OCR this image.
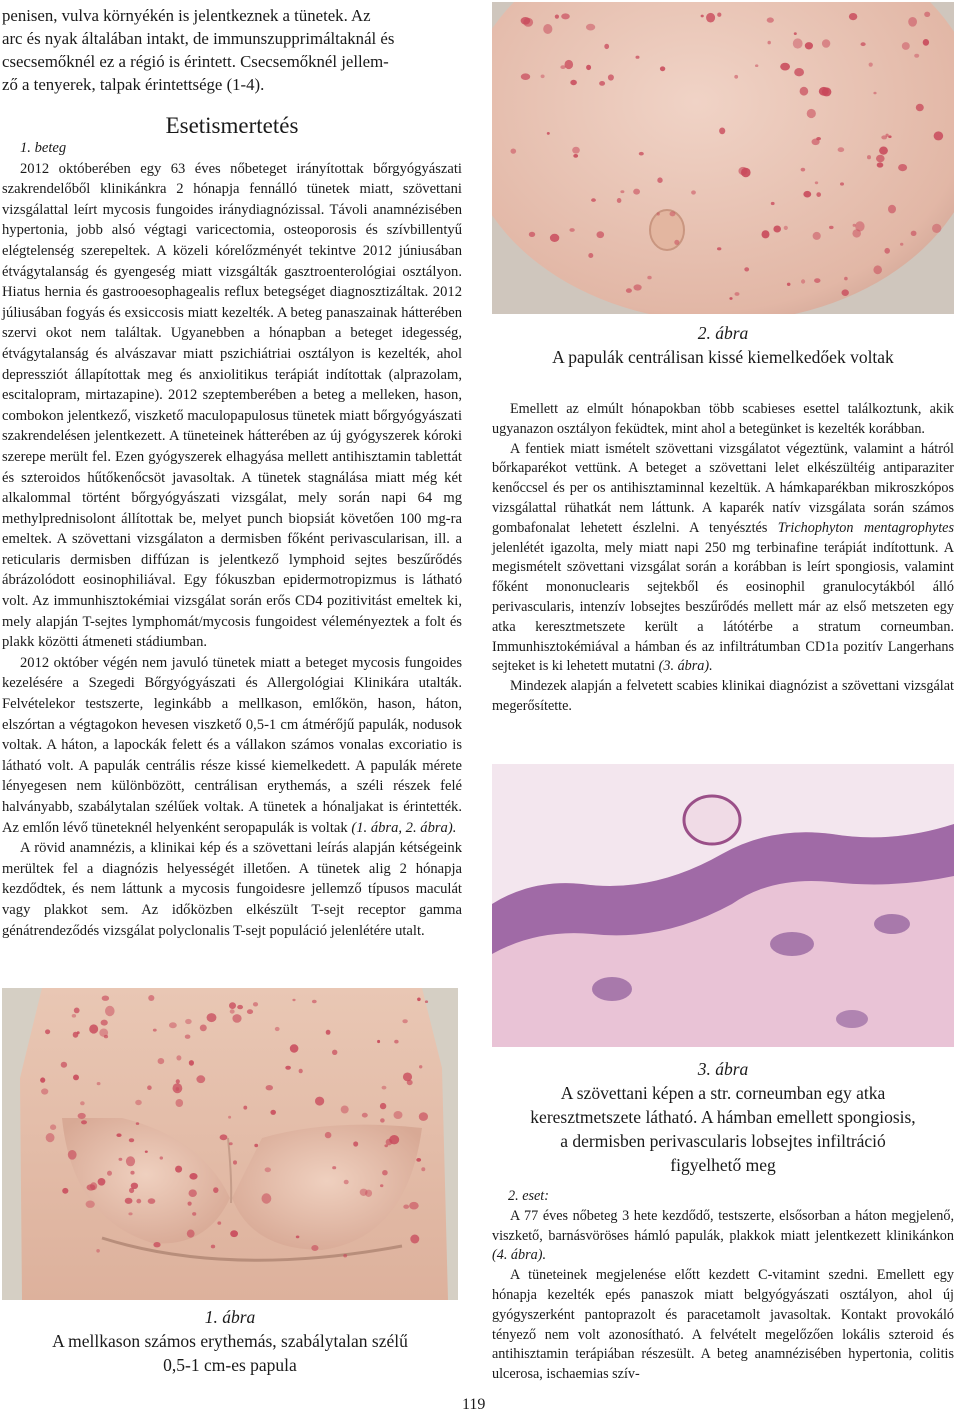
penisen, vulva környékén is jelentkeznek a tünetek. Az
arc és nyak általában intakt, de immunszupprimáltaknál és
csecsemőknél ez a régió is érintett. Csecsemőknél jellem-
ző a tenyerek, talpak érintettsége (1-4).
Esetismertetés

1. beteg

2012 októberében egy 63 éves nőbeteget irányítottak bőrgyógyászati szakrendelőből klinikánkra 2 hónapja fennálló tünetek miatt, szövettani vizsgálattal leírt mycosis fungoides iránydiagnózissal. Távoli anamnézisében hypertonia, jobb alsó végtagi varicectomia, osteoporosis és szívbillentyű elégtelenség szerepeltek. A közeli kórelőzményét tekintve 2012 júniusában étvágytalanság és gyengeség miatt vizsgálták gasztroenterológiai osztályon. Hiatus hernia és gastrooesophagealis reflux betegséget diagnosztizáltak. 2012 júliusában fogyás és exsiccosis miatt kezelték. A beteg panaszainak hátterében szervi okot nem találtak. Ugyanebben a hónapban a beteget idegesség, étvágytalanság és alvászavar miatt pszichiátriai osztályon is kezelték, ahol depressziót állapítottak meg és anxiolitikus terápiát indítottak (alprazolam, escitalopram, mirtazapine). 2012 szeptemberében a beteg a melleken, hason, combokon jelentkező, viszkető maculopapulosus tünetek miatt bőrgyógyászati szakrendelésen jelentkezett. A tüneteinek hátterében az új gyógyszerek kóroki szerepe merült fel. Ezen gyógyszerek elhagyása mellett antihisztamin tablettát és szteroidos hűtőkenőcsöt javasoltak. A tünetek stagnálása miatt még két alkalommal történt bőrgyógyászati vizsgálat, mely során napi 64 mg methylprednisolont állítottak be, melyet punch biopsiát követően 100 mg-ra emeltek. A szövettani vizsgálaton a dermisben főként perivascularisan, ill. a reticularis dermisben diffúzan is jelentkező lymphoid sejtes beszűrődés ábrázolódott eosinophiliával. Egy fókuszban epidermotropizmus is látható volt. Az immunhisztokémiai vizsgálat során erős CD4 pozitivitást emeltek ki, mely alapján T-sejtes lymphomát/mycosis fungoidest véleményeztek a folt és plakk közötti átmeneti stádiumban.

2012 október végén nem javuló tünetek miatt a beteget mycosis fungoides kezelésére a Szegedi Bőrgyógyászati és Allergológiai Klinikára utalták. Felvételekor testszerte, leginkább a mellkason, emlőkön, hason, háton, elszórtan a végtagokon hevesen viszkető 0,5-1 cm átmérőjű papulák, nodusok voltak. A háton, a lapockák felett és a vállakon számos vonalas excoriatio is látható volt. A papulák centrális része kissé kiemelkedett. A papulák mérete lényegesen nem különbözött, centrálisan erythemás, a széli részek felé halványabb, szabálytalan szélűek voltak. A tünetek a hónaljakat is érintették. Az emlőn lévő tüneteknél helyenként seropapulák is voltak (1. ábra, 2. ábra).

A rövid anamnézis, a klinikai kép és a szövettani leírás alapján kétségeink merültek fel a diagnózis helyességét illetően. A tünetek alig 2 hónapja kezdődtek, és nem láttunk a mycosis fungoidesre jellemző típusos maculát vagy plakkot sem. Az időközben elkészült T-sejt receptor gamma génátrendeződés vizsgálat polyclonalis T-sejt populáció jelenlétére utalt.

1. ábra
A mellkason számos erythemás, szabálytalan szélű
0,5-1 cm-es papula
2. ábra
A papulák centrálisan kissé kiemelkedőek voltak

Emellett az elmúlt hónapokban több scabieses esettel találkoztunk, akik ugyanazon osztályon feküdtek, mint ahol a betegünket is kezelték korábban.

A fentiek miatt ismételt szövettani vizsgálatot végeztünk, valamint a hátról bőrkaparékot vettünk. A beteget a szövettani lelet elkészültéig antiparaziter kenőccsel és per os antihisztaminnal kezeltük. A hámkaparékban mikroszkópos vizsgálattal rühatkát nem láttunk. A kaparék natív vizsgálata során számos gombafonalat lehetett észlelni. A tenyésztés Trichophyton mentagrophytes jelenlétét igazolta, mely miatt napi 250 mg terbinafine terápiát indítottunk. A megismételt szövettani vizsgálat során a korábban is leírt spongiosis, valamint főként mononuclearis sejtekből és eosinophil granulocytákból álló perivascularis, intenzív lobsejtes beszűrődés mellett már az első metszeten egy atka keresztmetszete került a látótérbe a stratum corneumban. Immunhisztokémiával a hámban és az infiltrátumban CD1a pozitív Langerhans sejteket is ki lehetett mutatni (3. ábra).

Mindezek alapján a felvetett scabies klinikai diagnózist a szövettani vizsgálat megerősítette.

3. ábra
A szövettani képen a str. corneumban egy atka
keresztmetszete látható. A hámban emellett spongiosis,
a dermisben perivascularis lobsejtes infiltráció
figyelhető meg

2. eset:

A 77 éves nőbeteg 3 hete kezdődő, testszerte, elsősorban a háton megjelenő, viszkető, barnásvöröses hámló papulák, plakkok miatt jelentkezett klinikánkon (4. ábra).

A tüneteinek megjelenése előtt kezdett C-vitamint szedni. Emellett egy hónapja kezelték epés panaszok miatt belgyógyászati osztályon, ahol új gyógyszerként pantoprazolt és paracetamolt javasoltak. Kontakt provokáló tényező nem volt azonosítható. A felvételt megelőzően lokális szteroid és antihisztamin terápiában részesült. A beteg anamnézisében hypertonia, colitis ulcerosa, ischaemias szív-

119
